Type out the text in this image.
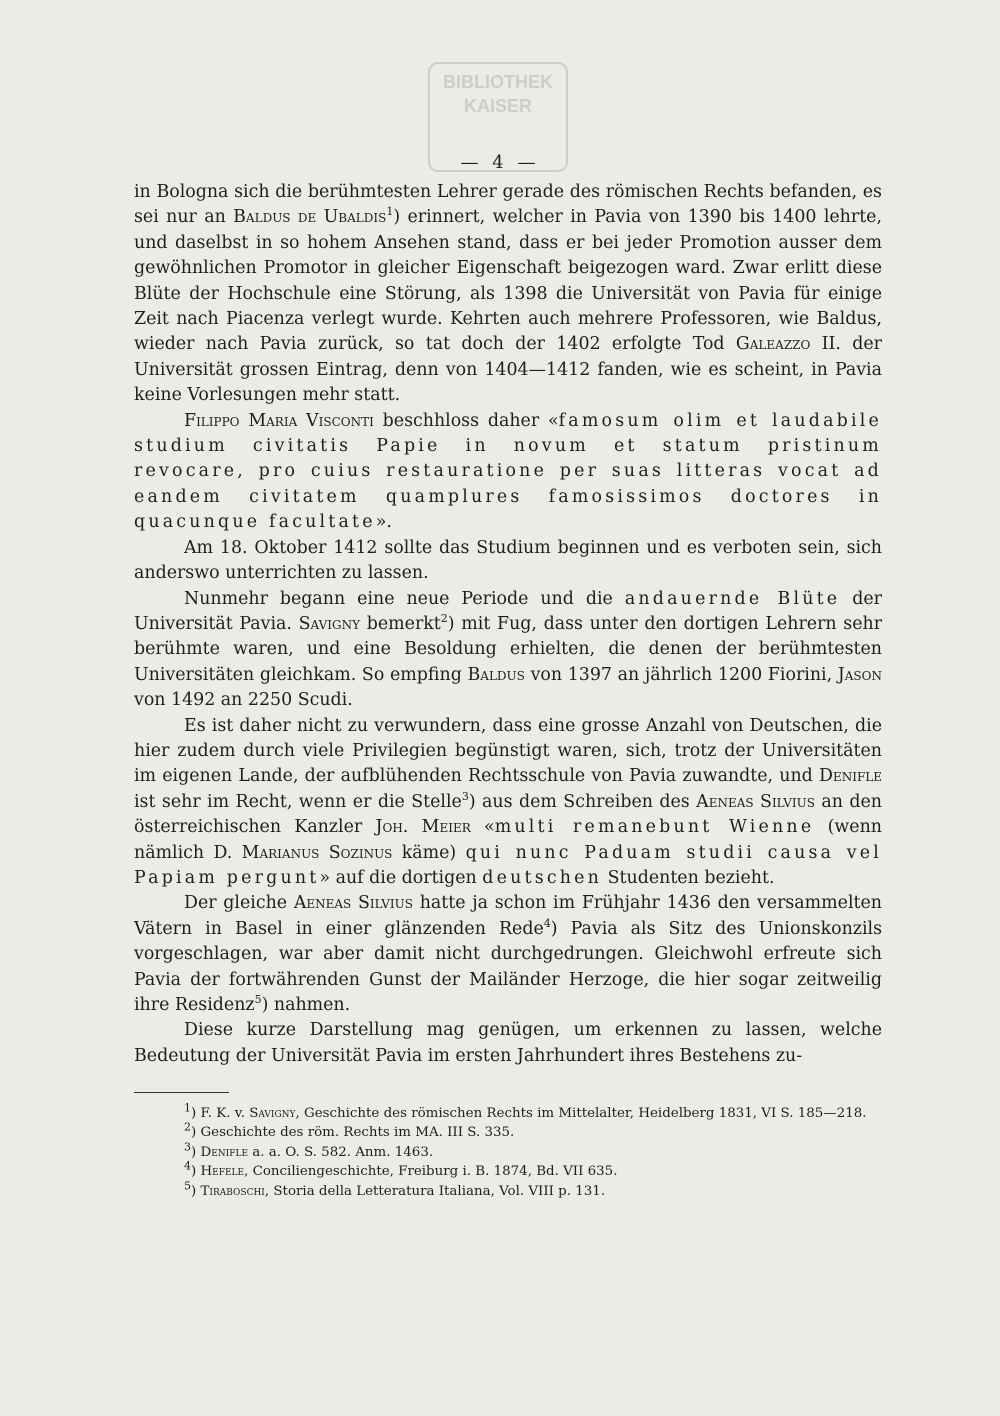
BIBLIOTHEK
KAISER
— 4 —

in Bologna sich die berühmtesten Lehrer gerade des römischen Rechts befanden, es sei nur an Baldus de Ubaldis$^1$) erinnert, welcher in Pavia von 1390 bis 1400 lehrte, und daselbst in so hohem Ansehen stand, dass er bei jeder Promotion ausser dem gewöhnlichen Promotor in gleicher Eigenschaft beigezogen ward. Zwar erlitt diese Blüte der Hochschule eine Störung, als 1398 die Universität von Pavia für einige Zeit nach Piacenza verlegt wurde. Kehrten auch mehrere Professoren, wie Baldus, wieder nach Pavia zurück, so tat doch der 1402 erfolgte Tod Galeazzo II. der Universität grossen Eintrag, denn von 1404—1412 fanden, wie es scheint, in Pavia keine Vorlesungen mehr statt.

Filippo Maria Visconti beschhloss daher «famosum olim et laudabile studium civitatis Papie in novum et statum pristinum revocare, pro cuius restauratione per suas litteras vocat ad eandem civitatem quamplures famosissimos doctores in quacunque facultate».

Am 18. Oktober 1412 sollte das Studium beginnen und es verboten sein, sich anderswo unterrichten zu lassen.

Nunmehr begann eine neue Periode und die andauernde Blüte der Universität Pavia. Savigny bemerkt$^2$) mit Fug, dass unter den dortigen Lehrern sehr berühmte waren, und eine Besoldung erhielten, die denen der berühmtesten Universitäten gleichkam. So empfing Baldus von 1397 an jährlich 1200 Fiorini, Jason von 1492 an 2250 Scudi.

Es ist daher nicht zu verwundern, dass eine grosse Anzahl von Deutschen, die hier zudem durch viele Privilegien begünstigt waren, sich, trotz der Universitäten im eigenen Lande, der aufblühenden Rechtsschule von Pavia zuwandte, und Denifle ist sehr im Recht, wenn er die Stelle$^3$) aus dem Schreiben des Aeneas Silvius an den österreichischen Kanzler Joh. Meier «multi remanebunt Wienne (wenn nämlich D. Marianus Sozinus käme) qui nunc Paduam studii causa vel Papiam pergunt» auf die dortigen deutschen Studenten bezieht.

Der gleiche Aeneas Silvius hatte ja schon im Frühjahr 1436 den versammelten Vätern in Basel in einer glänzenden Rede$^4$) Pavia als Sitz des Unionskonzils vorgeschlagen, war aber damit nicht durchgedrungen. Gleichwohl erfreute sich Pavia der fortwährenden Gunst der Mailänder Herzoge, die hier sogar zeitweilig ihre Residenz$^5$) nahmen.

Diese kurze Darstellung mag genügen, um erkennen zu lassen, welche Bedeutung der Universität Pavia im ersten Jahrhundert ihres Bestehens zu-

$^1$) F. K. v. Savigny, Geschichte des römischen Rechts im Mittelalter, Heidelberg 1831, VI S. 185—218.

$^2$) Geschichte des röm. Rechts im MA. III S. 335.

$^3$) Denifle a. a. O. S. 582. Anm. 1463.

$^4$) Hefele, Conciliengeschichte, Freiburg i. B. 1874, Bd. VII 635.

$^5$) Tiraboschi, Storia della Letteratura Italiana, Vol. VIII p. 131.
